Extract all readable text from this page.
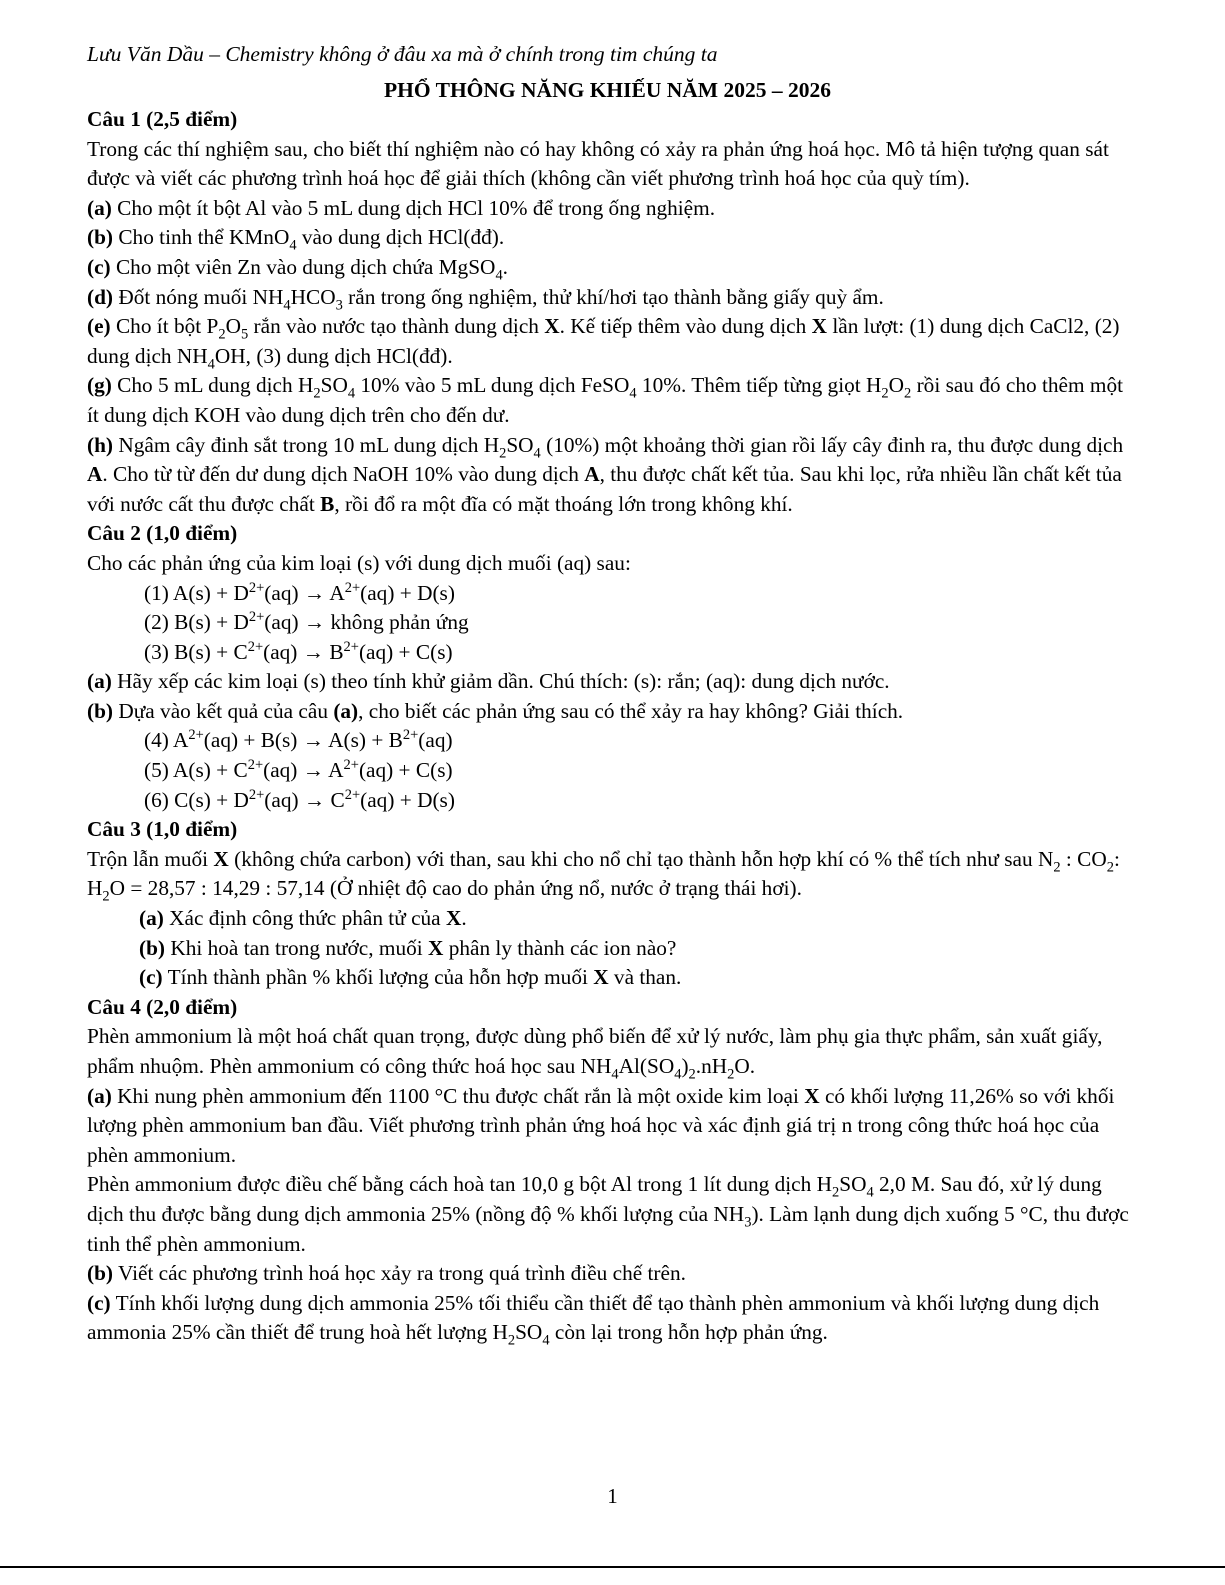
Lưu Văn Dầu – Chemistry không ở đâu xa mà ở chính trong tim chúng ta
PHỔ THÔNG NĂNG KHIẾU NĂM 2025 – 2026
Câu 1 (2,5 điểm)

Trong các thí nghiệm sau, cho biết thí nghiệm nào có hay không có xảy ra phản ứng hoá học. Mô tả hiện tượng quan sát được và viết các phương trình hoá học để giải thích (không cần viết phương trình hoá học của quỳ tím).

(a) Cho một ít bột Al vào 5 mL dung dịch HCl 10% để trong ống nghiệm.

(b) Cho tinh thể KMnO$_4$ vào dung dịch HCl(đđ).

(c) Cho một viên Zn vào dung dịch chứa MgSO$_4$.

(d) Đốt nóng muối $NH_4HCO_3$ rắn trong ống nghiệm, thử khí/hơi tạo thành bằng giấy quỳ ẩm.

(e) Cho ít bột $P_2O_5$ rắn vào nước tạo thành dung dịch X. Kế tiếp thêm vào dung dịch X lần lượt: (1) dung dịch CaCl2, (2) dung dịch $NH_4OH$, (3) dung dịch HCl(đđ).

(g) Cho 5 mL dung dịch $H_2SO_4$ 10% vào 5 mL dung dịch FeSO$_4$ 10%. Thêm tiếp từng giọt $H_2O_2$ rồi sau đó cho thêm một ít dung dịch KOH vào dung dịch trên cho đến dư.

(h) Ngâm cây đinh sắt trong 10 mL dung dịch $H_2SO_4$ (10%) một khoảng thời gian rồi lấy cây đinh ra, thu được dung dịch A. Cho từ từ đến dư dung dịch NaOH 10% vào dung dịch A, thu được chất kết tủa. Sau khi lọc, rửa nhiều lần chất kết tủa với nước cất thu được chất B, rồi đổ ra một đĩa có mặt thoáng lớn trong không khí.

Câu 2 (1,0 điểm)

Cho các phản ứng của kim loại (s) với dung dịch muối (aq) sau:

(1) $A(s) + D^{2+}(aq) \to A^{2+}(aq) + D(s)$

(2) $B(s) + D^{2+}(aq)$ → không phản ứng

(3) $B(s) + C^{2+}(aq) \to B^{2+}(aq) + C(s)$

(a) Hãy xếp các kim loại (s) theo tính khử giảm dần. Chú thích: (s): rắn; (aq): dung dịch nước.

(b) Dựa vào kết quả của câu (a), cho biết các phản ứng sau có thể xảy ra hay không? Giải thích.

(4) $A^{2+}(aq) + B(s) \to A(s) + B^{2+}(aq)$

(5) $A(s) + C^{2+}(aq) \to A^{2+}(aq) + C(s)$

(6) $C(s) + D^{2+}(aq) \to C^{2+}(aq) + D(s)$

Câu 3 (1,0 điểm)

Trộn lẫn muối X (không chứa carbon) với than, sau khi cho nổ chỉ tạo thành hỗn hợp khí có % thể tích như sau $N_2$ : $CO_2$: $H_2O = 28,57$ : 14,29 : 57,14 (Ở nhiệt độ cao do phản ứng nổ, nước ở trạng thái hơi).

(a) Xác định công thức phân tử của X.

(b) Khi hoà tan trong nước, muối X phân ly thành các ion nào?

(c) Tính thành phần % khối lượng của hỗn hợp muối X và than.

Câu 4 (2,0 điểm)

Phèn ammonium là một hoá chất quan trọng, được dùng phổ biến để xử lý nước, làm phụ gia thực phẩm, sản xuất giấy, phẩm nhuộm. Phèn ammonium có công thức hoá học sau $NH_4Al(SO_4)_2.nH_2O$.

(a) Khi nung phèn ammonium đến 1100 °C thu được chất rắn là một oxide kim loại X có khối lượng 11,26% so với khối lượng phèn ammonium ban đầu. Viết phương trình phản ứng hoá học và xác định giá trị n trong công thức hoá học của phèn ammonium.

Phèn ammonium được điều chế bằng cách hoà tan 10,0 g bột Al trong 1 lít dung dịch $H_2SO_4$ 2,0 M. Sau đó, xử lý dung dịch thu được bằng dung dịch ammonia 25% (nồng độ % khối lượng của $NH_3$). Làm lạnh dung dịch xuống 5 °C, thu được tinh thể phèn ammonium.

(b) Viết các phương trình hoá học xảy ra trong quá trình điều chế trên.

(c) Tính khối lượng dung dịch ammonia 25% tối thiểu cần thiết để tạo thành phèn ammonium và khối lượng dung dịch ammonia 25% cần thiết để trung hoà hết lượng $H_2SO_4$ còn lại trong hỗn hợp phản ứng.

1
